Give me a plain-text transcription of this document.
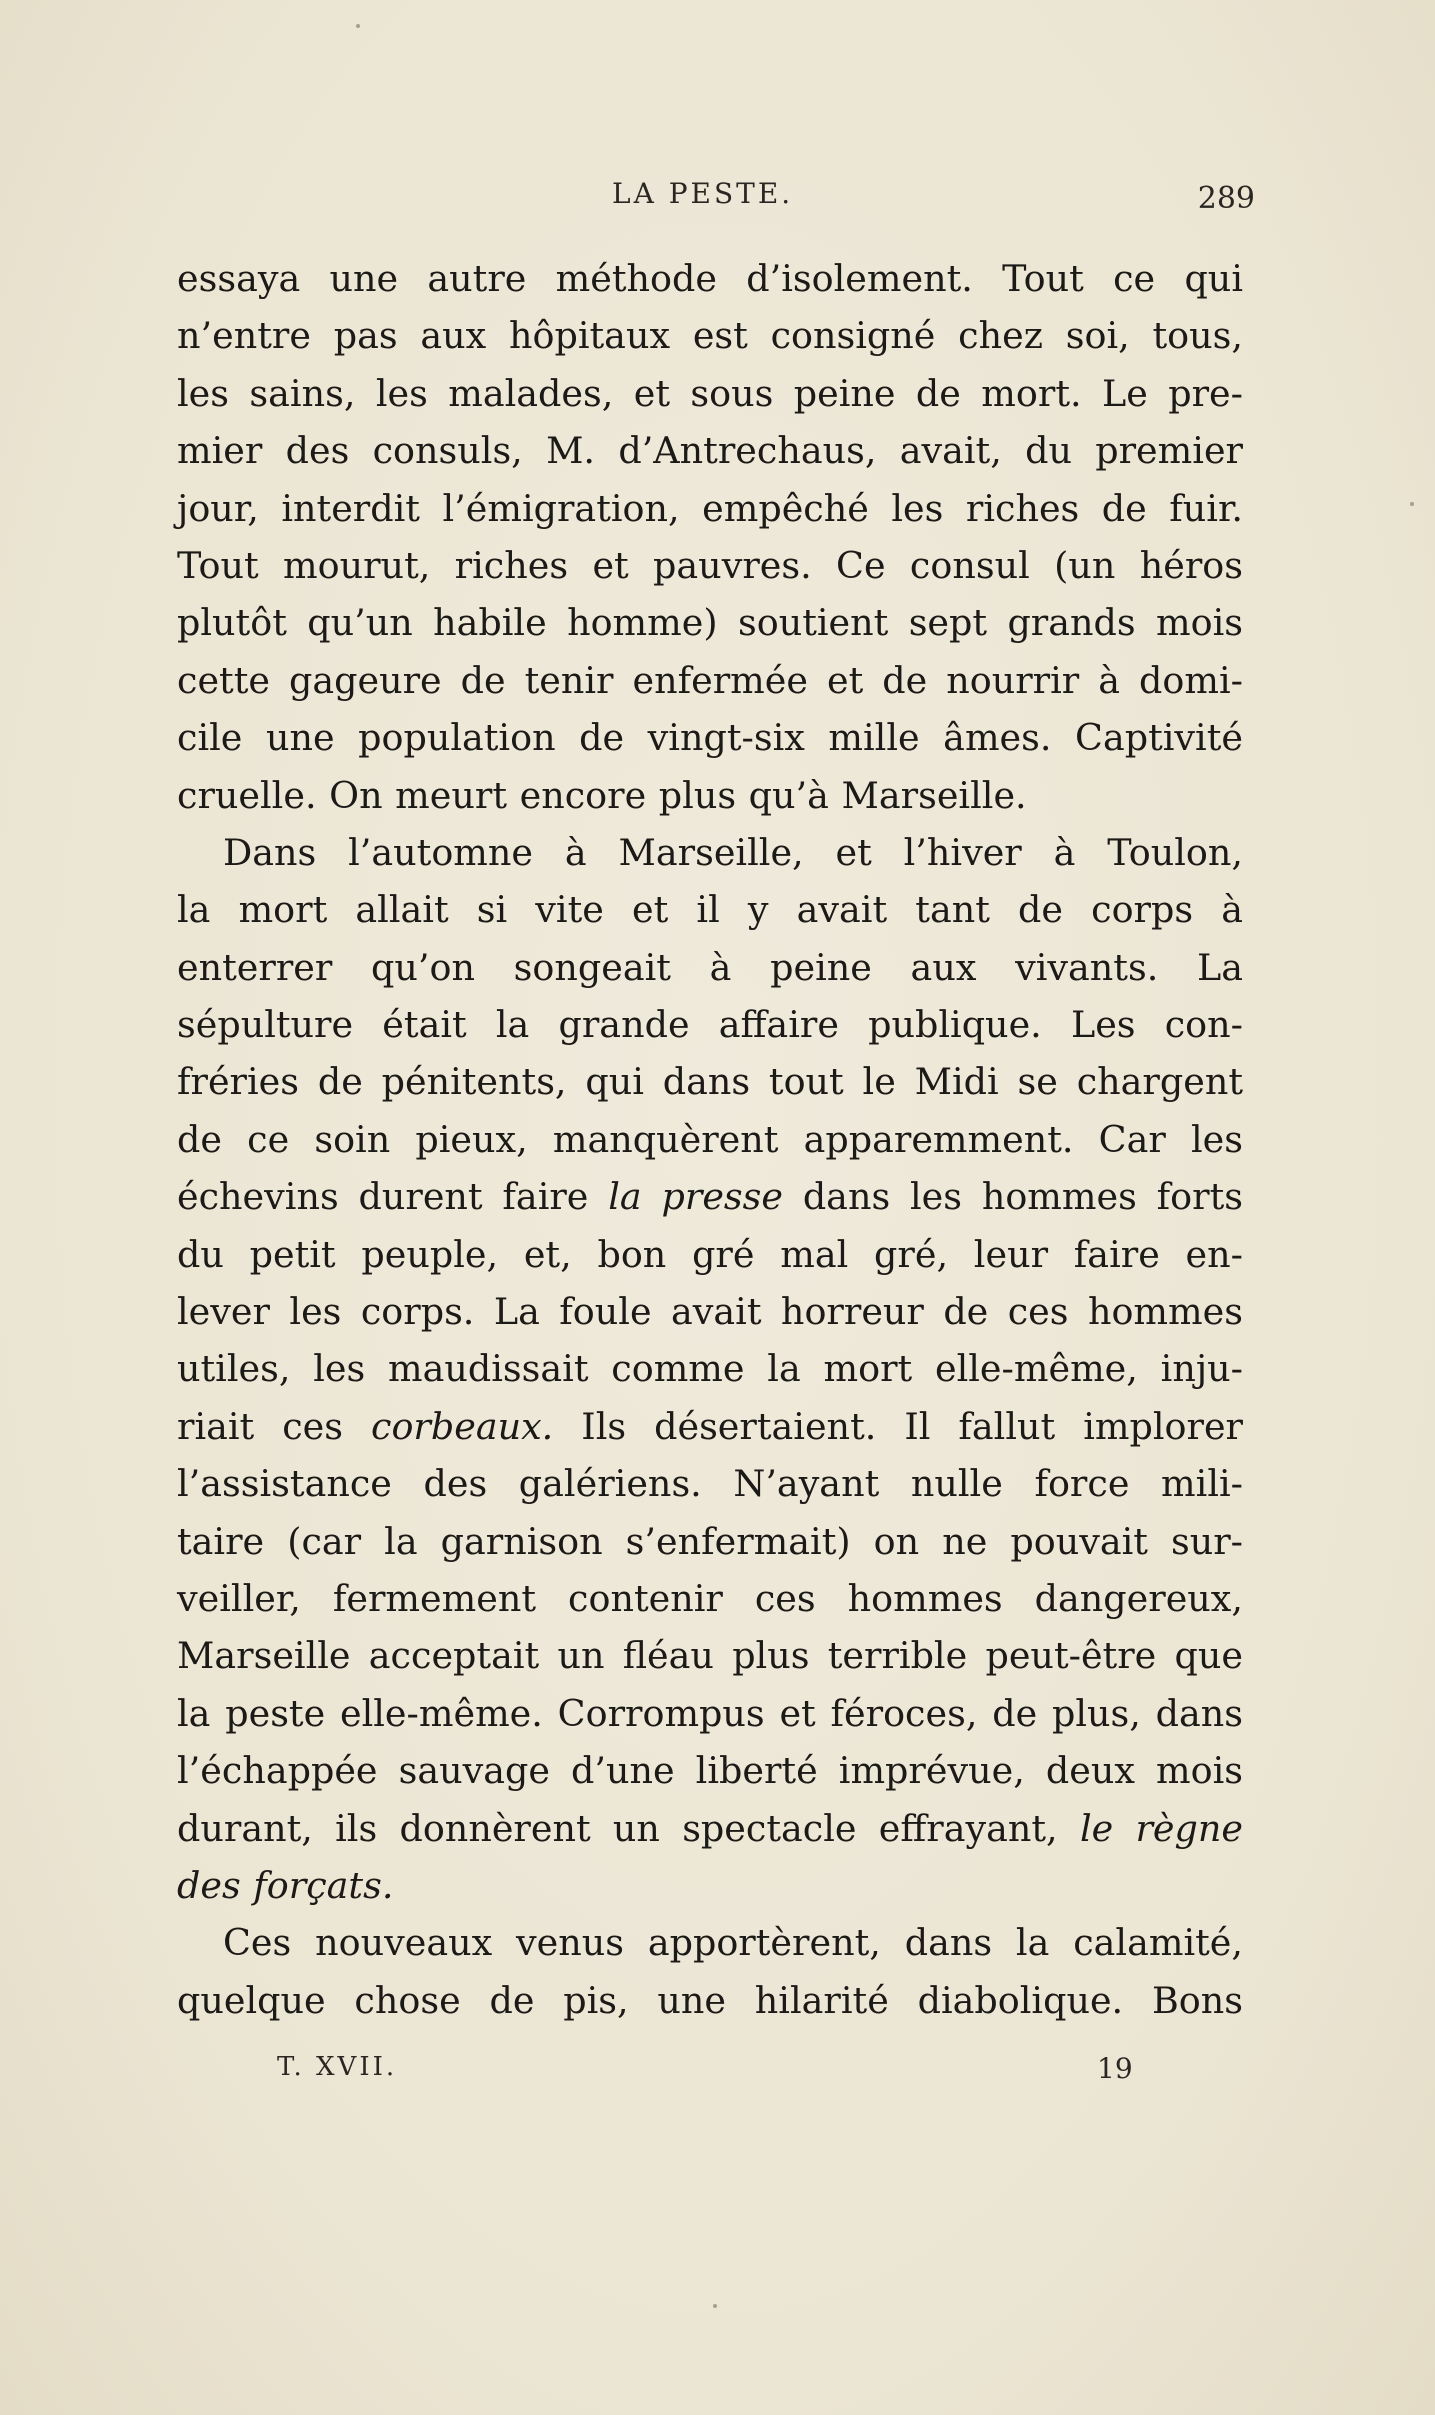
LA PESTE.	289
essaya une autre méthode d’isolement. Tout ce qui
n’entre pas aux hôpitaux est consigné chez soi, tous,
les sains, les malades, et sous peine de mort. Le pre-
mier des consuls, M. d’Antrechaus, avait, du premier
jour, interdit l’émigration, empêché les riches de fuir.
Tout mourut, riches et pauvres. Ce consul (un héros
plutôt qu’un habile homme) soutient sept grands mois
cette gageure de tenir enfermée et de nourrir à domi-
cile une population de vingt-six mille âmes. Captivité
cruelle. On meurt encore plus qu’à Marseille.
Dans l’automne à Marseille, et l’hiver à Toulon,
la mort allait si vite et il y avait tant de corps à
enterrer qu’on songeait à peine aux vivants. La
sépulture était la grande affaire publique. Les con-
fréries de pénitents, qui dans tout le Midi se chargent
de ce soin pieux, manquèrent apparemment. Car les
échevins durent faire la presse dans les hommes forts
du petit peuple, et, bon gré mal gré, leur faire en-
lever les corps. La foule avait horreur de ces hommes
utiles, les maudissait comme la mort elle-même, inju-
riait ces corbeaux. Ils désertaient. Il fallut implorer
l’assistance des galériens. N’ayant nulle force mili-
taire (car la garnison s’enfermait) on ne pouvait sur-
veiller, fermement contenir ces hommes dangereux,
Marseille acceptait un fléau plus terrible peut-être que
la peste elle-même. Corrompus et féroces, de plus, dans
l’échappée sauvage d’une liberté imprévue, deux mois
durant, ils donnèrent un spectacle effrayant, le règne
des forçats.
Ces nouveaux venus apportèrent, dans la calamité,
quelque chose de pis, une hilarité diabolique. Bons
T. XVII.	19
